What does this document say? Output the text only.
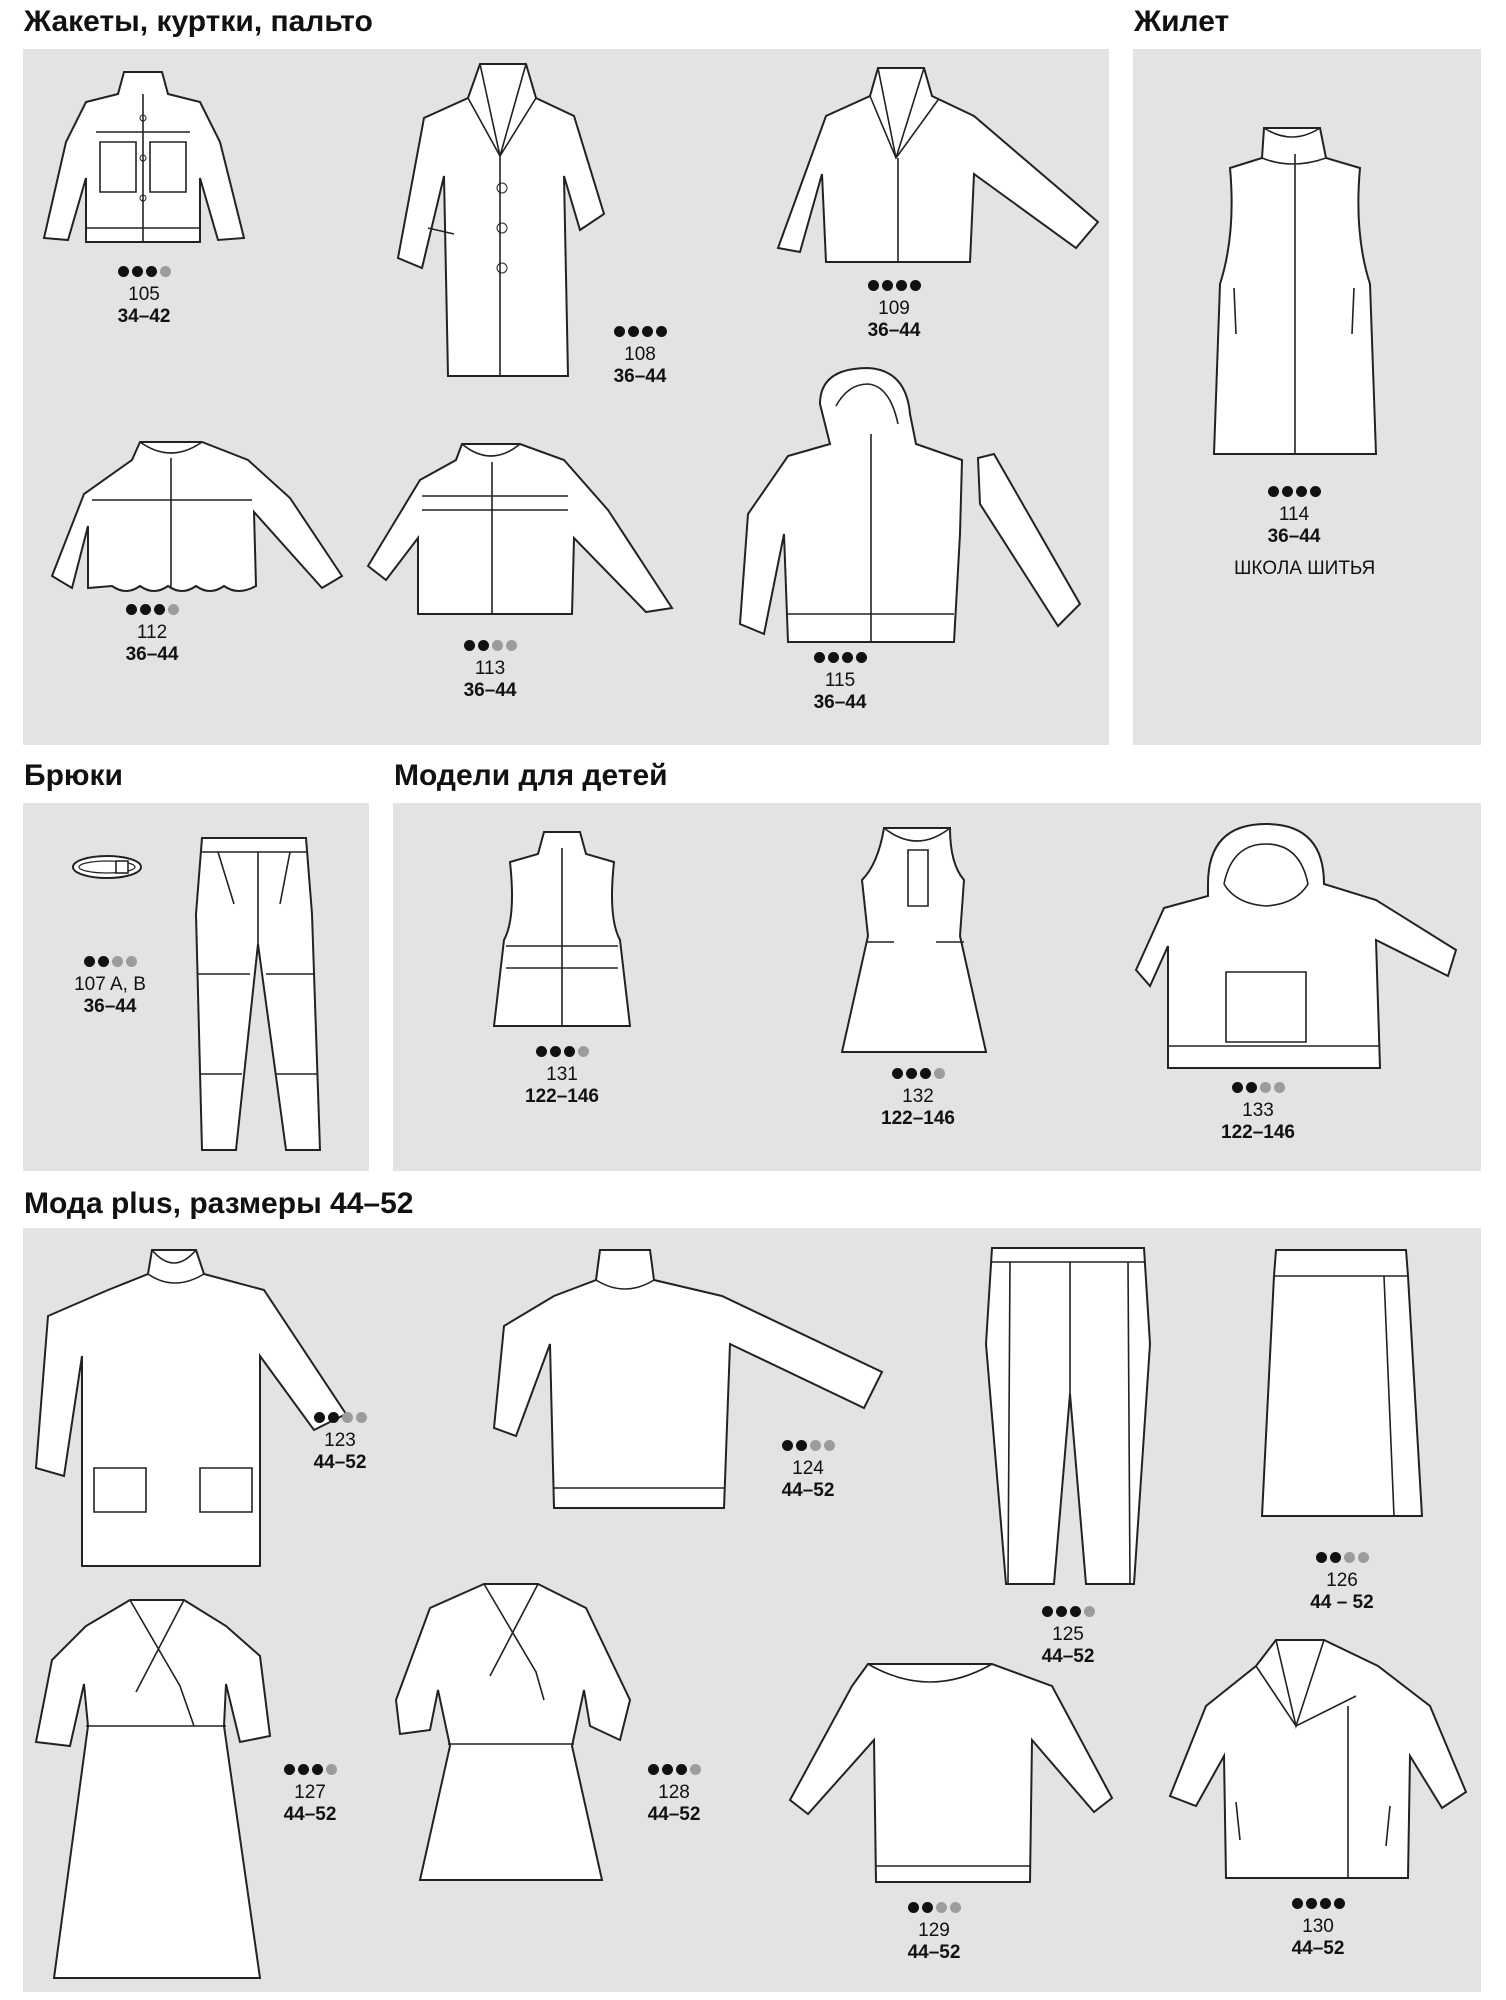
Жакеты, куртки, пальто	Жилет
Брюки	Модели для детей
Мода plus, размеры 44–52
105
34–42
108
36–44
109
36–44
112
36–44
113
36–44	115
36–44
114
36–44
ШКОЛА ШИТЬЯ
107 A, B
36–44
131
122–146	132
122–146	133
122–146
123
44–52	124
44–52
125
44–52
126
44 – 52
127
44–52
128
44–52
129
44–52
130
44–52
